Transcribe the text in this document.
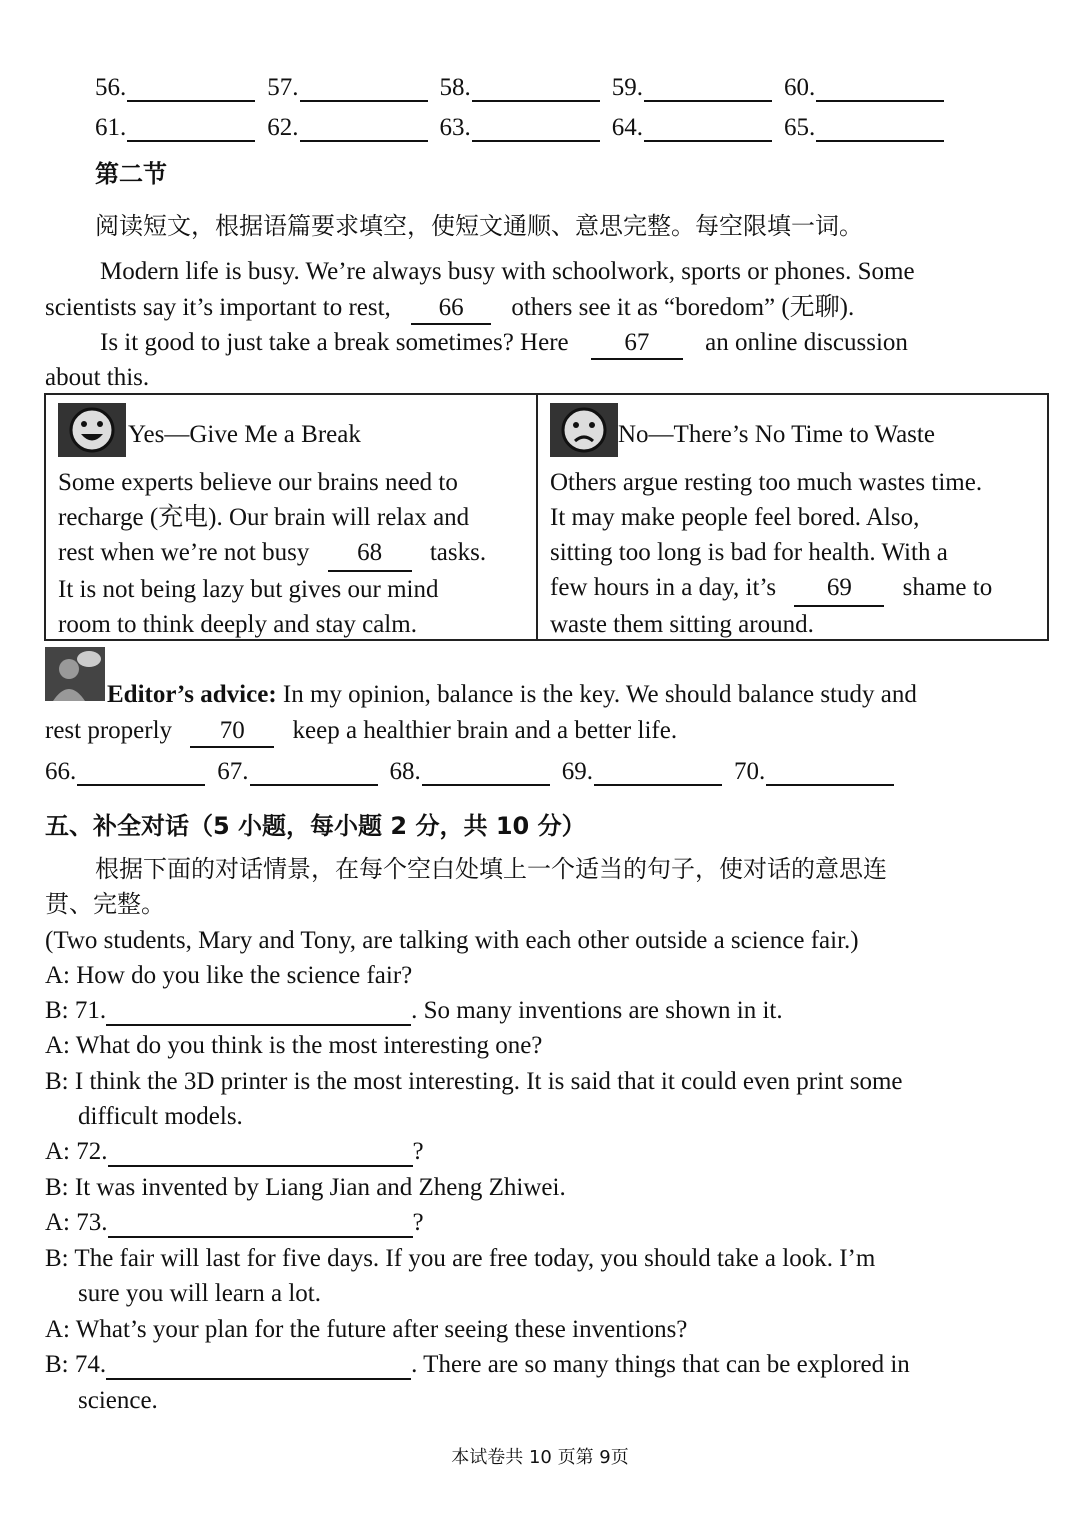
56.	57.	58.	59.	60.
61.	62.	63.	64.	65.
第二节
阅读短文，根据语篇要求填空，使短文通顺、意思完整。每空限填一词。
Modern life is busy. We’re always busy with schoolwork, sports or phones. Some
scientists say it’s important to rest, 66 others see it as “boredom” (无聊).
Is it good to just take a break sometimes? Here 67 an online discussion
about this.
Yes—Give Me a Break
Some experts believe our brains need to
recharge (充电). Our brain will relax and
rest when we’re not busy 68 tasks.
It is not being lazy but gives our mind
room to think deeply and stay calm.
No—There’s No Time to Waste
Others argue resting too much wastes time.
It may make people feel bored. Also,
sitting too long is bad for health. With a
few hours in a day, it’s 69 shame to
waste them sitting around.
Editor’s advice: In my opinion, balance is the key. We should balance study and
rest properly 70 keep a healthier brain and a better life.
66.	67.	68.	69.	70.
五、补全对话（5 小题，每小题 2 分，共 10 分）
根据下面的对话情景，在每个空白处填上一个适当的句子，使对话的意思连
贯、完整。
(Two students, Mary and Tony, are talking with each other outside a science fair.)
A: How do you like the science fair?
B: 71.	. So many inventions are shown in it.
A: What do you think is the most interesting one?
B: I think the 3D printer is the most interesting. It is said that it could even print some
difficult models.
A: 72.	?
B: It was invented by Liang Jian and Zheng Zhiwei.
A: 73.	?
B: The fair will last for five days. If you are free today, you should take a look. I’m
sure you will learn a lot.
A: What’s your plan for the future after seeing these inventions?
B: 74.	. There are so many things that can be explored in
science.
本试卷共 10 页第 9页
